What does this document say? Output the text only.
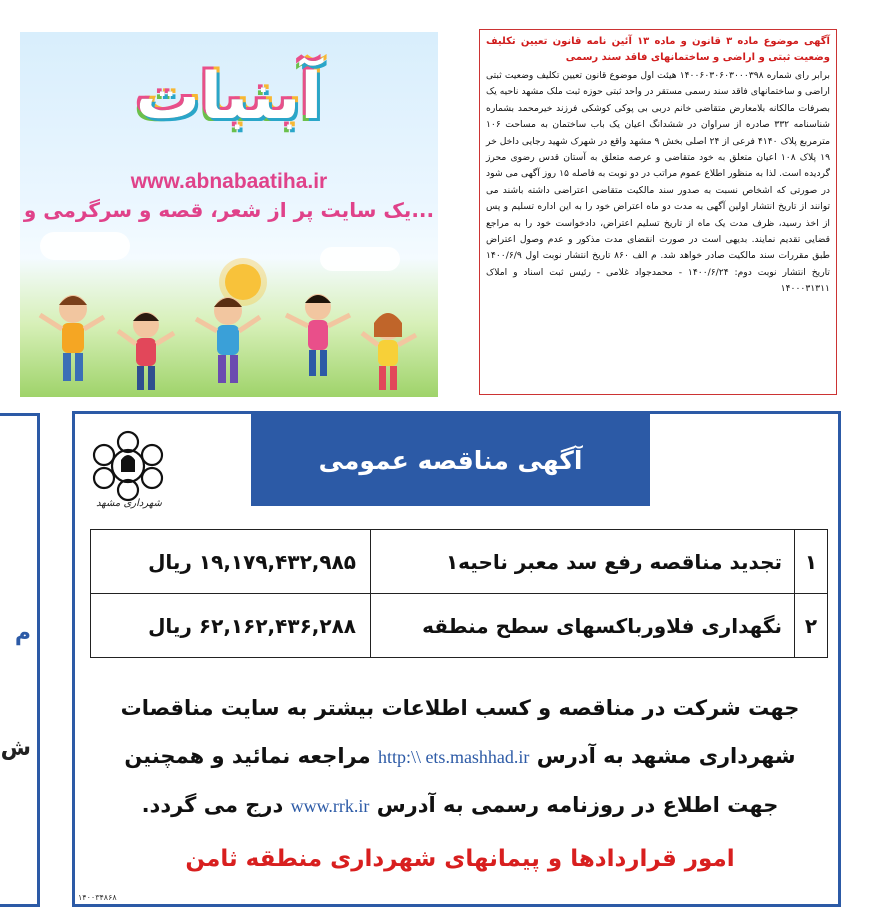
آبنبات
www.abnabaatiha.ir
یک سایت پر از شعر، قصه و سرگرمی و...
آگهی موضوع ماده ۳ قانون و ماده ۱۳ آئین نامه قانون تعیین تکلیف وضعیت ثبتی و اراضی و ساختمانهای فاقد سند رسمی
برابر رای شماره ۱۴۰۰۶۰۳۰۶۰۳۰۰۰۳۹۸ هیئت اول موضوع قانون تعیین تکلیف وضعیت ثبتی اراضی و ساختمانهای فاقد سند رسمی مستقر در واحد ثبتی حوزه ثبت ملک مشهد ناحیه یک بصرفات مالکانه بلامعارض متقاضی خانم دربی بی پوکی کوشکی فرزند خیرمحمد بشماره شناسنامه ۳۳۲ صادره از سراوان در ششدانگ اعیان یک باب ساختمان به مساحت ۱۰۶ مترمربع پلاک ۴۱۴۰ فرعی از ۲۴ اصلی بخش ۹ مشهد واقع در شهرک شهید رجایی داخل خر ۱۹ پلاک ۱۰۸ اعیان متعلق به خود متقاضی و عرصه متعلق به آستان قدس رضوی محرز گردیده است. لذا به منظور اطلاع عموم مراتب در دو نوبت به فاصله ۱۵ روز آگهی می شود در صورتی که اشخاص نسبت به صدور سند مالکیت متقاضی اعتراضی داشته باشند می توانند از تاریخ انتشار اولین آگهی به مدت دو ماه اعتراض خود را به این اداره تسلیم و پس از اخذ رسید، ظرف مدت یک ماه از تاریخ تسلیم اعتراض، دادخواست خود را به مراجع قضایی تقدیم نمایند. بدیهی است در صورت انقضای مدت مذکور و عدم وصول اعتراض طبق مقررات سند مالکیت صادر خواهد شد. م الف ۸۶۰ تاریخ انتشار نوبت اول ۱۴۰۰/۶/۹ تاریخ انتشار نوبت دوم: ۱۴۰۰/۶/۲۴ - محمدجواد غلامی - رئیس ثبت اسناد و املاک ۱۴۰۰۰۳۱۳۱۱
م
ش
شهرداری مشهد
آگهی مناقصه عمومی
۱	تجدید مناقصه رفع سد معبر ناحیه۱	۱۹,۱۷۹,۴۳۲,۹۸۵ ریال
۲	نگهداری فلاورباکسهای سطح منطقه	۶۲,۱۶۲,۴۳۶,۲۸۸ ریال
جهت شرکت در مناقصه و کسب اطلاعات بیشتر به سایت مناقصات
شهرداری مشهد به آدرس http:\\ ets.mashhad.ir مراجعه نمائید و همچنین
جهت اطلاع در روزنامه رسمی به آدرس www.rrk.ir درج می گردد.
امور قراردادها و پیمانهای شهرداری منطقه ثامن
۱۴۰۰۳۴۸۶۸
